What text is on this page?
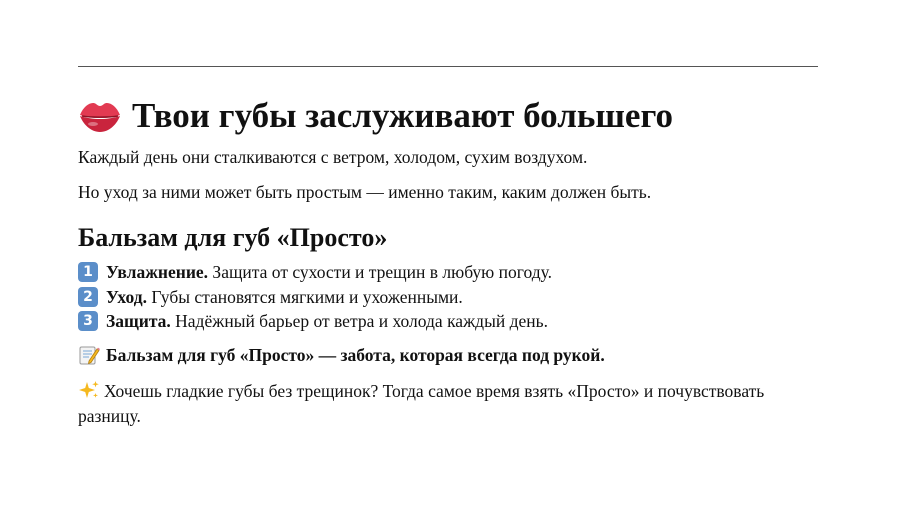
Твои губы заслуживают большего

Каждый день они сталкиваются с ветром, холодом, сухим воздухом.

Но уход за ними может быть простым — именно таким, каким должен быть.

Бальзам для губ «Просто»
1 Увлажнение. Защита от сухости и трещин в любую погоду.
2 Уход. Губы становятся мягкими и ухоженными.
3 Защита. Надёжный барьер от ветра и холода каждый день.

Бальзам для губ «Просто» — забота, которая всегда под рукой.

Хочешь гладкие губы без трещинок? Тогда самое время взять «Просто» и почувствовать разницу.
